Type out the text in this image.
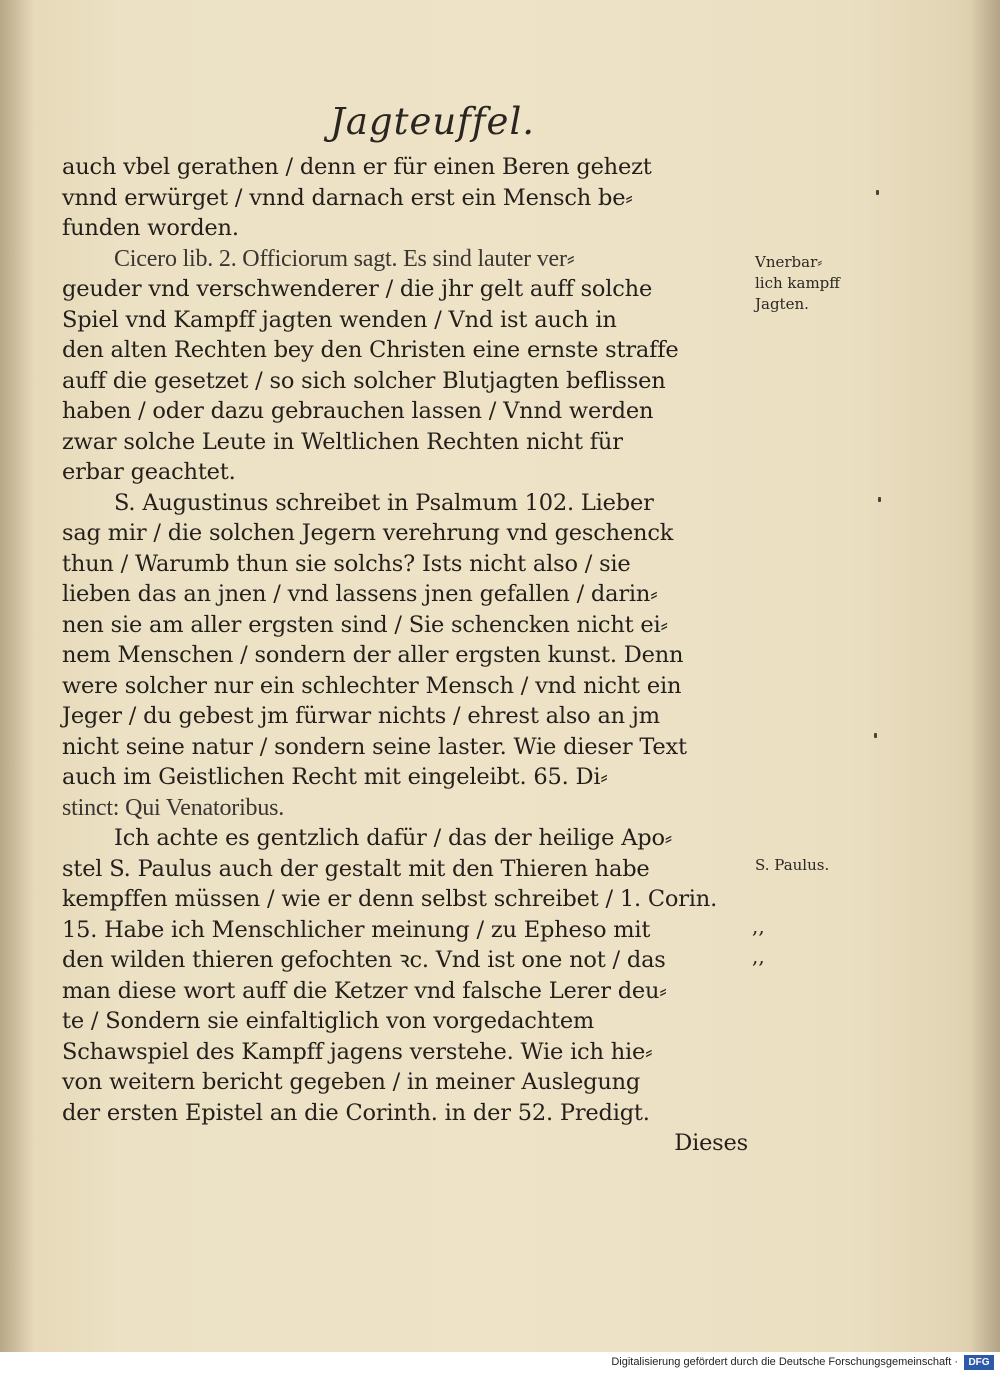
Jagteuffel.
auch vbel gerathen / denn er für einen Beren gehezt
vnnd erwürget / vnnd darnach erst ein Mensch be⸗
funden worden.
Cicero lib. 2. Officiorum sagt. Es sind lauter ver⸗
geuder vnd verschwenderer / die jhr gelt auff solche
Spiel vnd Kampff jagten wenden / Vnd ist auch in
den alten Rechten bey den Christen eine ernste straffe
auff die gesetzet / so sich solcher Blutjagten beflissen
haben / oder dazu gebrauchen lassen / Vnnd werden
zwar solche Leute in Weltlichen Rechten nicht für
erbar geachtet.
S. Augustinus schreibet in Psalmum 102. Lieber
sag mir / die solchen Jegern verehrung vnd geschenck
thun / Warumb thun sie solchs? Ists nicht also / sie
lieben das an jnen / vnd lassens jnen gefallen / darin⸗
nen sie am aller ergsten sind / Sie schencken nicht ei⸗
nem Menschen / sondern der aller ergsten kunst. Denn
were solcher nur ein schlechter Mensch / vnd nicht ein
Jeger / du gebest jm fürwar nichts / ehrest also an jm
nicht seine natur / sondern seine laster. Wie dieser Text
auch im Geistlichen Recht mit eingeleibt. 65. Di⸗
stinct: Qui Venatoribus.
Ich achte es gentzlich dafür / das der heilige Apo⸗
stel S. Paulus auch der gestalt mit den Thieren habe
kempffen müssen / wie er denn selbst schreibet / 1. Corin.
15. Habe ich Menschlicher meinung / zu Epheso mit
den wilden thieren gefochten ꝛc. Vnd ist one not / das
man diese wort auff die Ketzer vnd falsche Lerer deu⸗
te / Sondern sie einfaltiglich von vorgedachtem
Schawspiel des Kampff jagens verstehe. Wie ich hie⸗
von weitern bericht gegeben / in meiner Auslegung
der ersten Epistel an die Corinth. in der 52. Predigt.
Dieses
Vnerbar⸗
lich kampff
Jagten.
S. Paulus.
,,
,,
Digitalisierung gefördert durch die Deutsche Forschungsgemeinschaft ·	DFG
